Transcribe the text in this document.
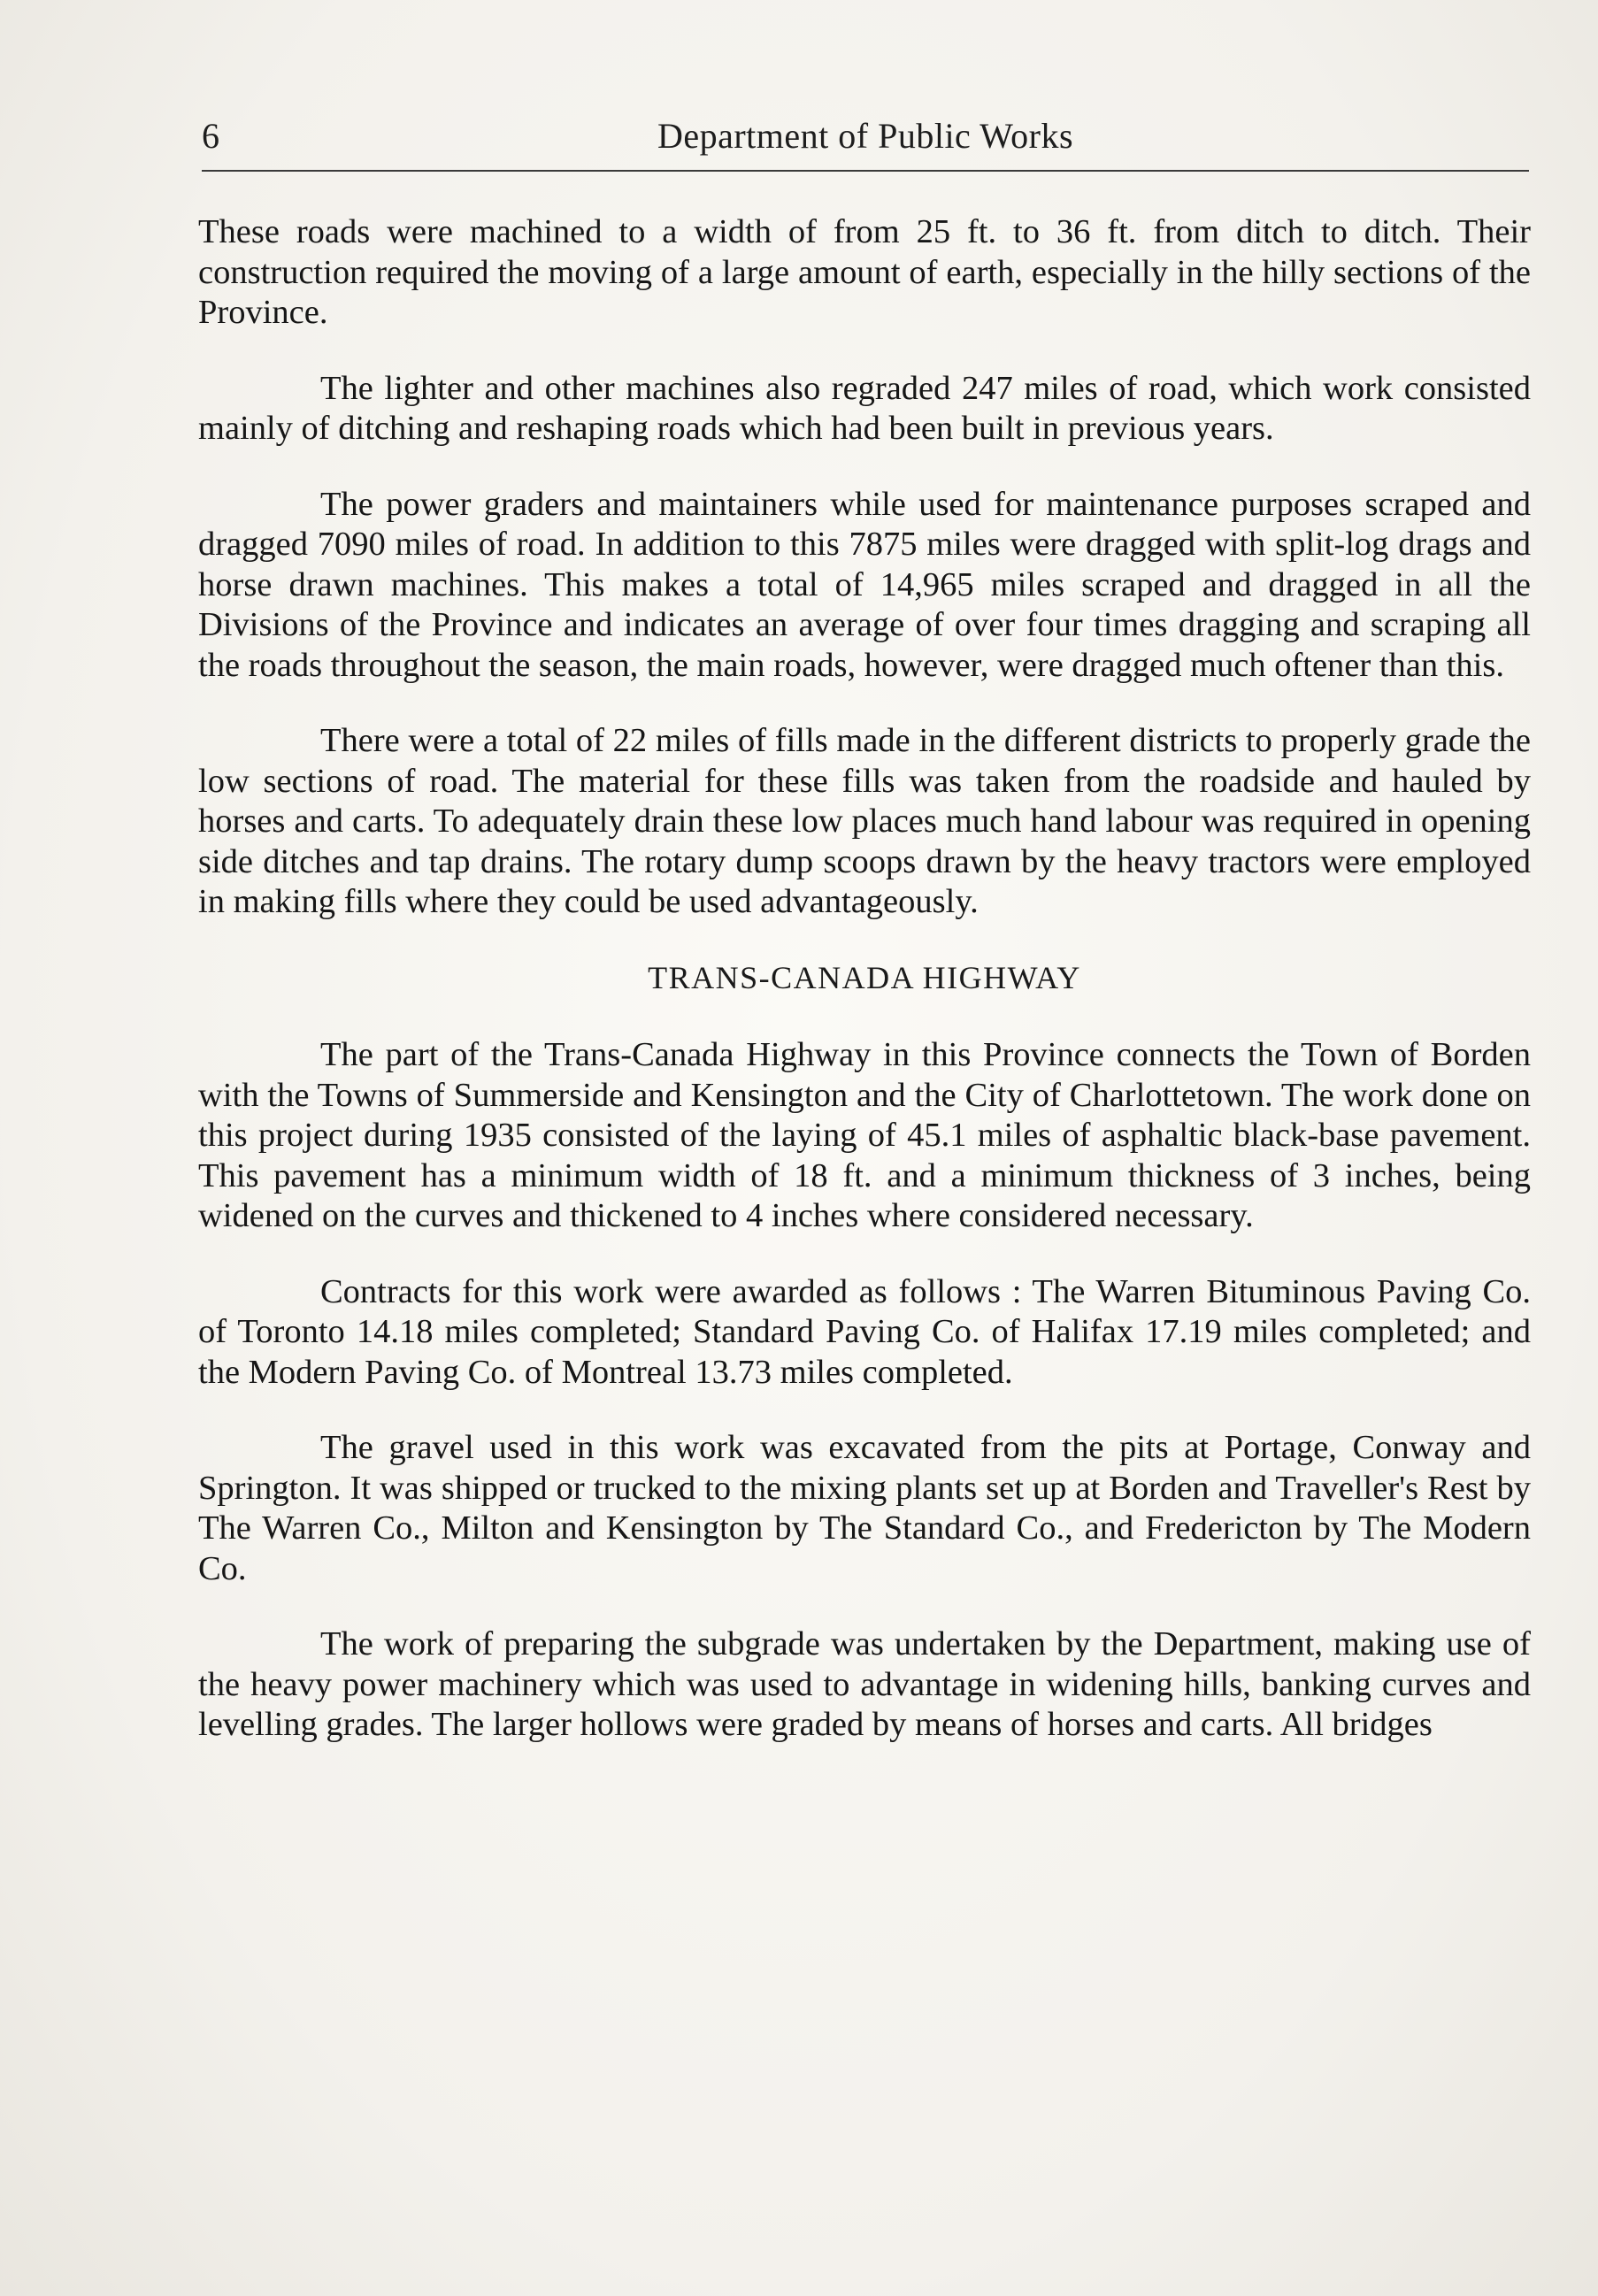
6	Department of Public Works

These roads were machined to a width of from 25 ft. to 36 ft. from ditch to ditch. Their construction required the moving of a large amount of earth, especially in the hilly sections of the Province.

The lighter and other machines also regraded 247 miles of road, which work consisted mainly of ditching and reshaping roads which had been built in previous years.

The power graders and maintainers while used for maintenance purposes scraped and dragged 7090 miles of road. In addition to this 7875 miles were dragged with split-log drags and horse drawn machines. This makes a total of 14,965 miles scraped and dragged in all the Divisions of the Province and indicates an average of over four times dragging and scraping all the roads throughout the season, the main roads, however, were dragged much oftener than this.

There were a total of 22 miles of fills made in the different districts to properly grade the low sections of road. The material for these fills was taken from the roadside and hauled by horses and carts. To adequately drain these low places much hand labour was required in opening side ditches and tap drains. The rotary dump scoops drawn by the heavy tractors were employed in making fills where they could be used advantageously.

TRANS-CANADA HIGHWAY

The part of the Trans-Canada Highway in this Province connects the Town of Borden with the Towns of Summerside and Kensington and the City of Charlottetown. The work done on this project during 1935 consisted of the laying of 45.1 miles of asphaltic black-base pavement. This pavement has a minimum width of 18 ft. and a minimum thickness of 3 inches, being widened on the curves and thickened to 4 inches where considered necessary.

Contracts for this work were awarded as follows : The Warren Bituminous Paving Co. of Toronto 14.18 miles completed; Standard Paving Co. of Halifax 17.19 miles completed; and the Modern Paving Co. of Montreal 13.73 miles completed.

The gravel used in this work was excavated from the pits at Portage, Conway and Springton. It was shipped or trucked to the mixing plants set up at Borden and Traveller's Rest by The Warren Co., Milton and Kensington by The Standard Co., and Fredericton by The Modern Co.

The work of preparing the subgrade was undertaken by the Department, making use of the heavy power machinery which was used to advantage in widening hills, banking curves and levelling grades. The larger hollows were graded by means of horses and carts. All bridges
